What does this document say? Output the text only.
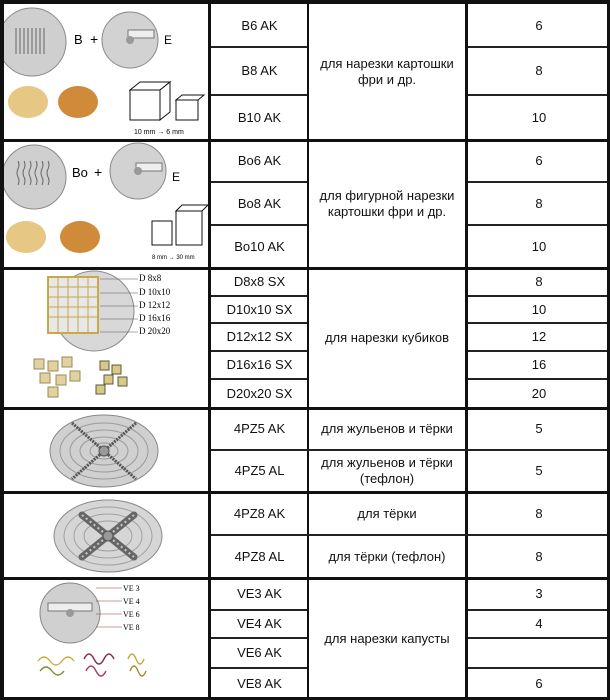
B +	E
10 mm → 6 mm
B6 AK
B8 AK
B10 AK
для нарезки картошки
фри и др.
6
8
10
Bo +	E
8 mm → 30 mm
Bo6 AK
Bo8 AK
Bo10 AK
для фигурной нарезки
картошки фри и др.
6
8
10
D 8x8
D 10x10
D 12x12
D 16x16
D 20x20
D8x8 SX
D10x10 SX
D12x12 SX
D16x16 SX
D20x20 SX
для нарезки кубиков
8
10
12
16
20
4PZ5 AK
4PZ5 AL
для жульенов и тёрки
для жульенов и тёрки
(тефлон)
5
5
4PZ8 AK
4PZ8 AL
для тёрки
для тёрки (тефлон)
8
8
VE 3
VE 4
VE 6
VE 8
VE3 AK
VE4 AK
VE6 AK
VE8 AK
для нарезки капусты
3
4
6
